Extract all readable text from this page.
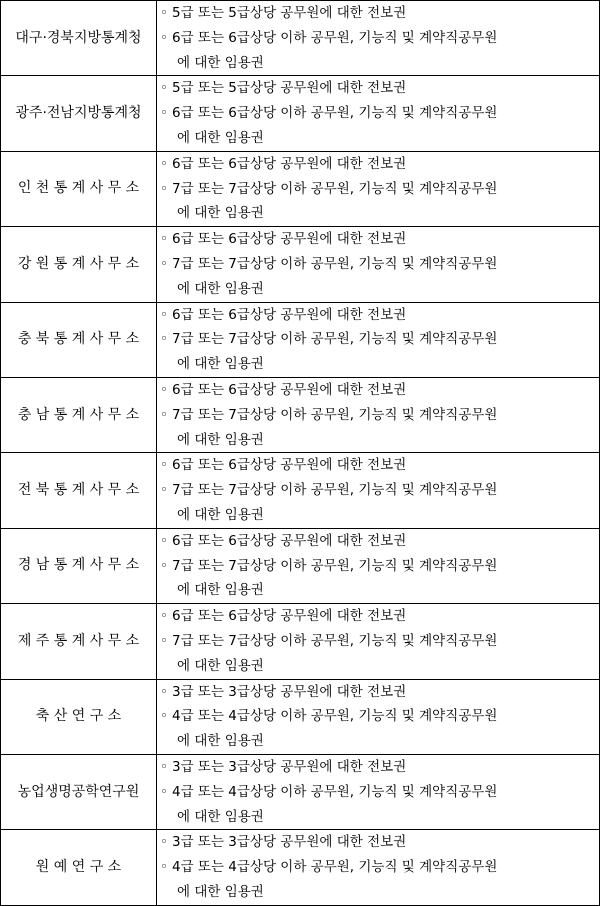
대구·경북지방통계청	◦ 5급 또는 5급상당 공무원에 대한 전보권
◦ 6급 또는 6급상당 이하 공무원, 기능직 및 계약직공무원
에 대한 임용권

광주·전남지방통계청	◦ 5급 또는 5급상당 공무원에 대한 전보권
◦ 6급 또는 6급상당 이하 공무원, 기능직 및 계약직공무원
에 대한 임용권

인 천 통 계 사 무 소	◦ 6급 또는 6급상당 공무원에 대한 전보권
◦ 7급 또는 7급상당 이하 공무원, 기능직 및 계약직공무원
에 대한 임용권

강 원 통 계 사 무 소	◦ 6급 또는 6급상당 공무원에 대한 전보권
◦ 7급 또는 7급상당 이하 공무원, 기능직 및 계약직공무원
에 대한 임용권

충 북 통 계 사 무 소	◦ 6급 또는 6급상당 공무원에 대한 전보권
◦ 7급 또는 7급상당 이하 공무원, 기능직 및 계약직공무원
에 대한 임용권

충 남 통 계 사 무 소	◦ 6급 또는 6급상당 공무원에 대한 전보권
◦ 7급 또는 7급상당 이하 공무원, 기능직 및 계약직공무원
에 대한 임용권

전 북 통 계 사 무 소	◦ 6급 또는 6급상당 공무원에 대한 전보권
◦ 7급 또는 7급상당 이하 공무원, 기능직 및 계약직공무원
에 대한 임용권

경 남 통 계 사 무 소	◦ 6급 또는 6급상당 공무원에 대한 전보권
◦ 7급 또는 7급상당 이하 공무원, 기능직 및 계약직공무원
에 대한 임용권

제 주 통 계 사 무 소	◦ 6급 또는 6급상당 공무원에 대한 전보권
◦ 7급 또는 7급상당 이하 공무원, 기능직 및 계약직공무원
에 대한 임용권

축 산 연 구 소	◦ 3급 또는 3급상당 공무원에 대한 전보권
◦ 4급 또는 4급상당 이하 공무원, 기능직 및 계약직공무원
에 대한 임용권

농업생명공학연구원	◦ 3급 또는 3급상당 공무원에 대한 전보권
◦ 4급 또는 4급상당 이하 공무원, 기능직 및 계약직공무원
에 대한 임용권

원 예 연 구 소	◦ 3급 또는 3급상당 공무원에 대한 전보권
◦ 4급 또는 4급상당 이하 공무원, 기능직 및 계약직공무원
에 대한 임용권
